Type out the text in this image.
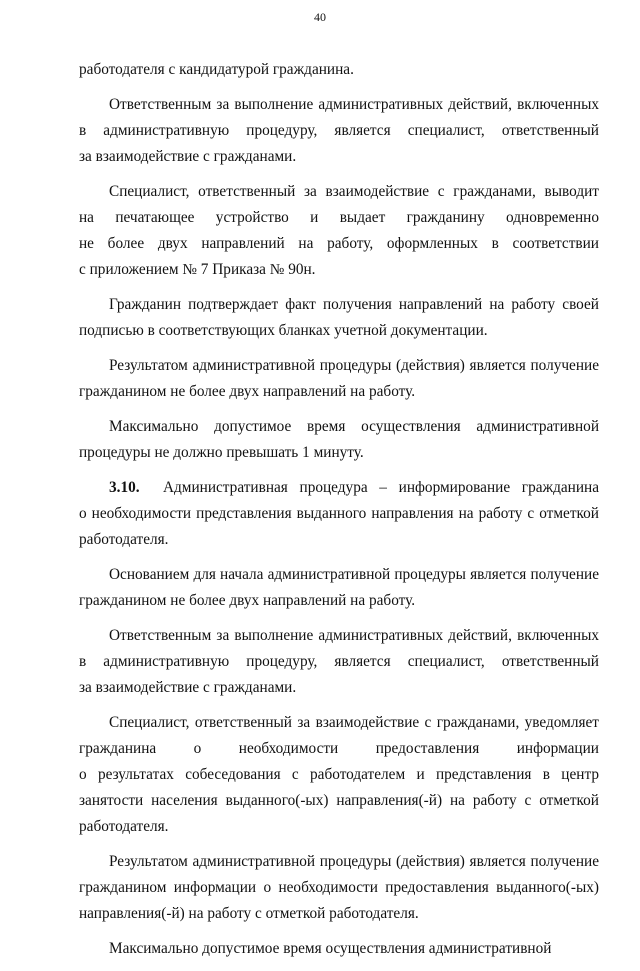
40
работодателя с кандидатурой гражданина.
Ответственным за выполнение административных действий, включенных
в административную процедуру, является специалист, ответственный
за взаимодействие с гражданами.
Специалист, ответственный за взаимодействие с гражданами, выводит
на печатающее устройство и выдает гражданину одновременно
не более двух направлений на работу, оформленных в соответствии
с приложением № 7 Приказа № 90н.
Гражданин подтверждает факт получения направлений на работу своей
подписью в соответствующих бланках учетной документации.
Результатом административной процедуры (действия) является получение
гражданином не более двух направлений на работу.
Максимально допустимое время осуществления административной
процедуры не должно превышать 1 минуту.
3.10. Административная процедура – информирование гражданина
о необходимости представления выданного направления на работу с отметкой
работодателя.
Основанием для начала административной процедуры является получение
гражданином не более двух направлений на работу.
Ответственным за выполнение административных действий, включенных
в административную процедуру, является специалист, ответственный
за взаимодействие с гражданами.
Специалист, ответственный за взаимодействие с гражданами, уведомляет
гражданина о необходимости предоставления информации
о результатах собеседования с работодателем и представления в центр
занятости населения выданного(-ых) направления(-й) на работу с отметкой
работодателя.
Результатом административной процедуры (действия) является получение
гражданином информации о необходимости предоставления выданного(-ых)
направления(-й) на работу с отметкой работодателя.
Максимально допустимое время осуществления административной
